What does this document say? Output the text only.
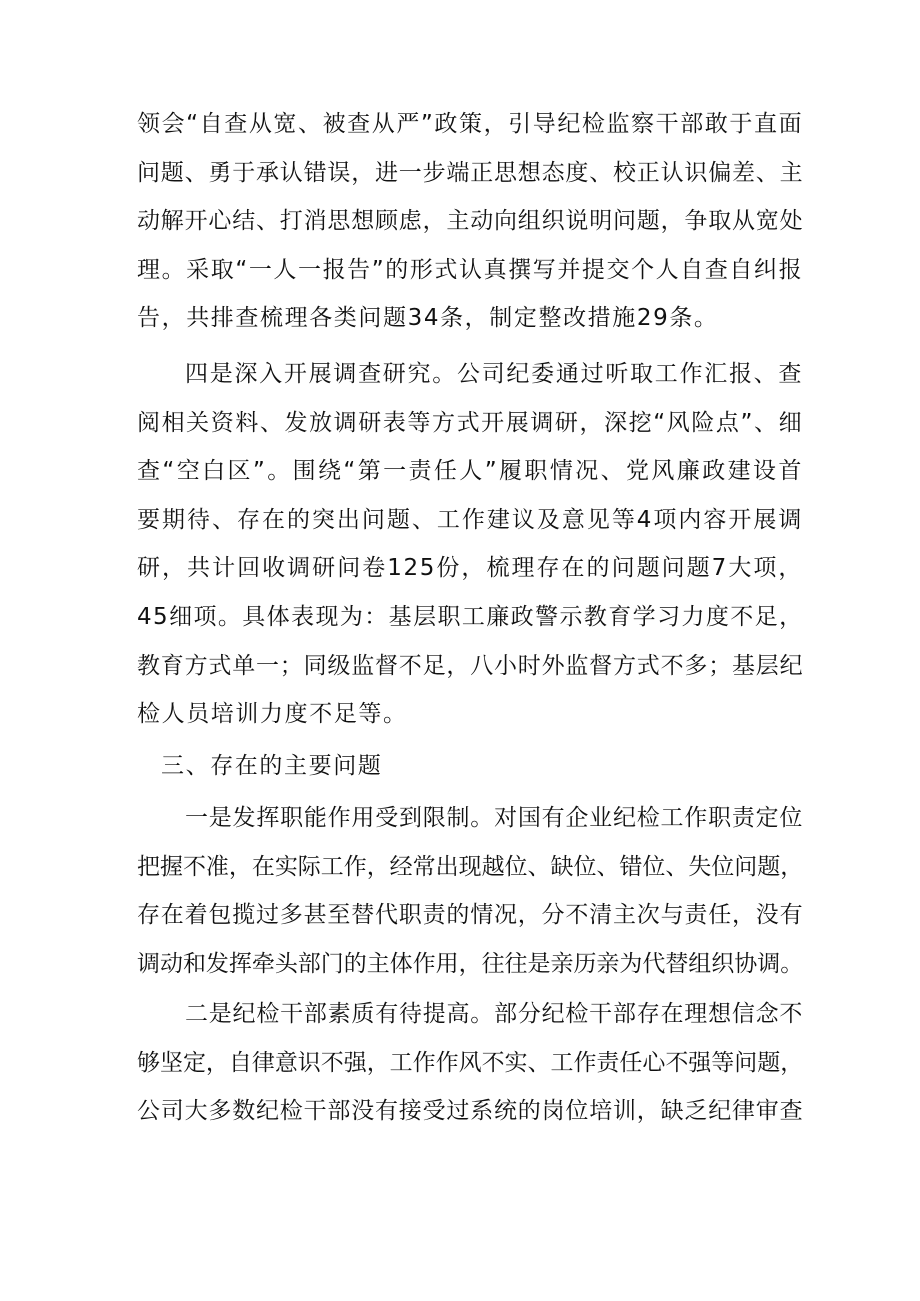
领会“自查从宽、被查从严”政策，引导纪检监察干部敢于直面
问题、勇于承认错误，进一步端正思想态度、校正认识偏差、主
动解开心结、打消思想顾虑，主动向组织说明问题，争取从宽处
理。采取“一人一报告”的形式认真撰写并提交个人自查自纠报
告，共排查梳理各类问题34条，制定整改措施29条。
四是深入开展调查研究。公司纪委通过听取工作汇报、查
阅相关资料、发放调研表等方式开展调研，深挖“风险点”、细
查“空白区”。围绕“第一责任人”履职情况、党风廉政建设首
要期待、存在的突出问题、工作建议及意见等4项内容开展调
研，共计回收调研问卷125份，梳理存在的问题问题7大项，
45细项。具体表现为：基层职工廉政警示教育学习力度不足，
教育方式单一；同级监督不足，八小时外监督方式不多；基层纪
检人员培训力度不足等。
三、存在的主要问题
一是发挥职能作用受到限制。对国有企业纪检工作职责定位
把握不准，在实际工作，经常出现越位、缺位、错位、失位问题，
存在着包揽过多甚至替代职责的情况，分不清主次与责任，没有
调动和发挥牵头部门的主体作用，往往是亲历亲为代替组织协调。
二是纪检干部素质有待提高。部分纪检干部存在理想信念不
够坚定，自律意识不强，工作作风不实、工作责任心不强等问题，
公司大多数纪检干部没有接受过系统的岗位培训，缺乏纪律审查
